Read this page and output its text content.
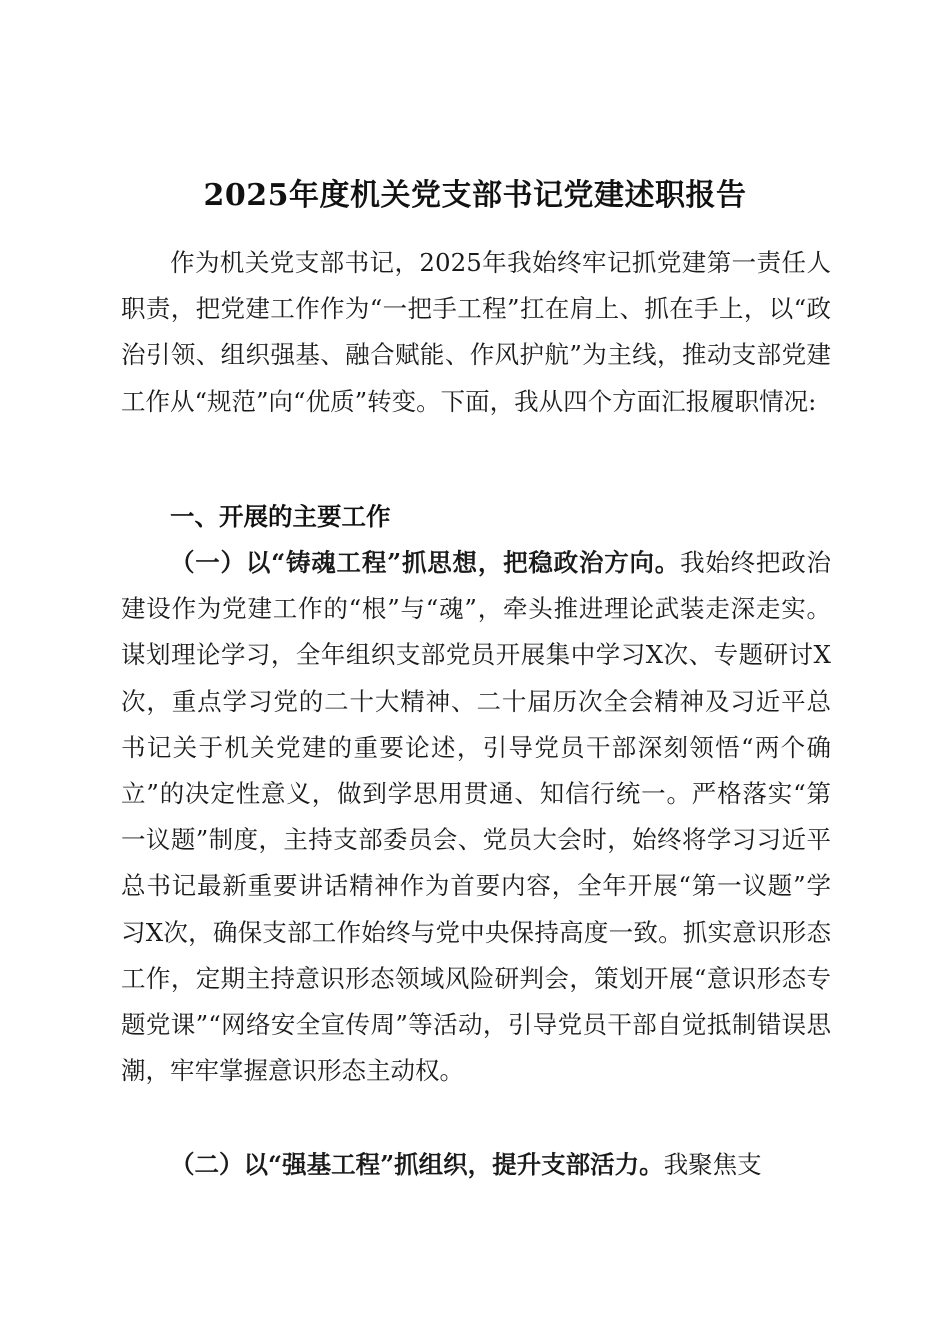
2025年度机关党支部书记党建述职报告

作为机关党支部书记，2025年我始终牢记抓党建第一责任人职责，把党建工作作为“一把手工程”扛在肩上、抓在手上，以“政治引领、组织强基、融合赋能、作风护航”为主线，推动支部党建工作从“规范”向“优质”转变。下面，我从四个方面汇报履职情况:

一、开展的主要工作

（一）以“铸魂工程”抓思想，把稳政治方向。我始终把政治建设作为党建工作的“根”与“魂”，牵头推进理论武装走深走实。谋划理论学习，全年组织支部党员开展集中学习X次、专题研讨X次，重点学习党的二十大精神、二十届历次全会精神及习近平总书记关于机关党建的重要论述，引导党员干部深刻领悟“两个确立”的决定性意义，做到学思用贯通、知信行统一。严格落实“第一议题”制度，主持支部委员会、党员大会时，始终将学习习近平总书记最新重要讲话精神作为首要内容，全年开展“第一议题”学习X次，确保支部工作始终与党中央保持高度一致。抓实意识形态工作，定期主持意识形态领域风险研判会，策划开展“意识形态专题党课”“网络安全宣传周”等活动，引导党员干部自觉抵制错误思潮，牢牢掌握意识形态主动权。

（二）以“强基工程”抓组织，提升支部活力。我聚焦支
